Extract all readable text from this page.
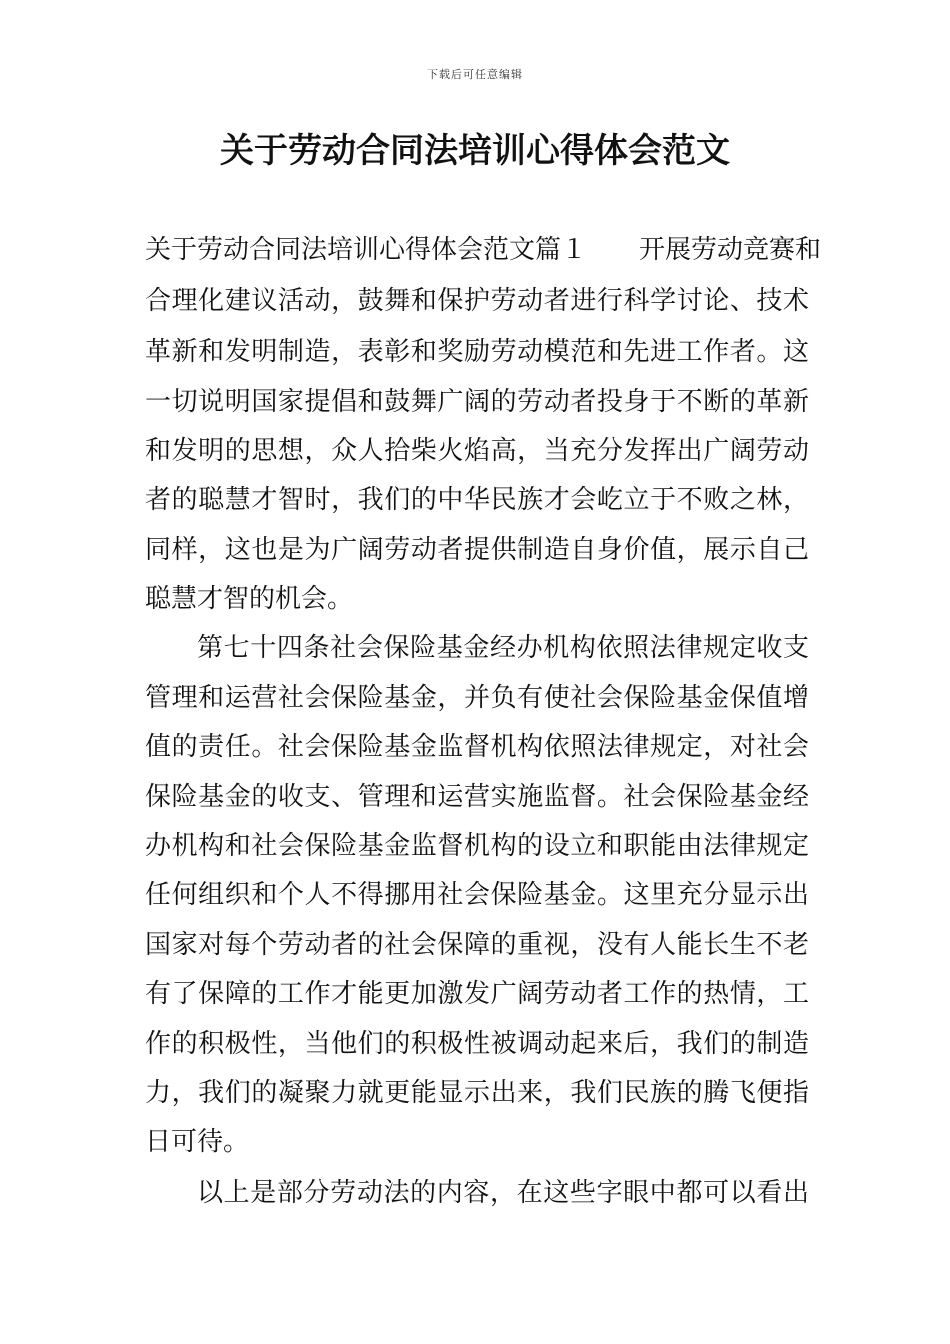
下载后可任意编辑
关于劳动合同法培训心得体会范文
关于劳动合同法培训心得体会范文篇１ 开展劳动竞赛和
合理化建议活动，鼓舞和保护劳动者进行科学讨论、技术
革新和发明制造，表彰和奖励劳动模范和先进工作者。这
一切说明国家提倡和鼓舞广阔的劳动者投身于不断的革新
和发明的思想，众人拾柴火焰高，当充分发挥出广阔劳动
者的聪慧才智时，我们的中华民族才会屹立于不败之林，
同样，这也是为广阔劳动者提供制造自身价值，展示自己
聪慧才智的机会。
第七十四条社会保险基金经办机构依照法律规定收支
管理和运营社会保险基金，并负有使社会保险基金保值增
值的责任。社会保险基金监督机构依照法律规定，对社会
保险基金的收支、管理和运营实施监督。社会保险基金经
办机构和社会保险基金监督机构的设立和职能由法律规定
任何组织和个人不得挪用社会保险基金。这里充分显示出
国家对每个劳动者的社会保障的重视，没有人能长生不老
有了保障的工作才能更加激发广阔劳动者工作的热情，工
作的积极性，当他们的积极性被调动起来后，我们的制造
力，我们的凝聚力就更能显示出来，我们民族的腾飞便指
日可待。
以上是部分劳动法的内容，在这些字眼中都可以看出
